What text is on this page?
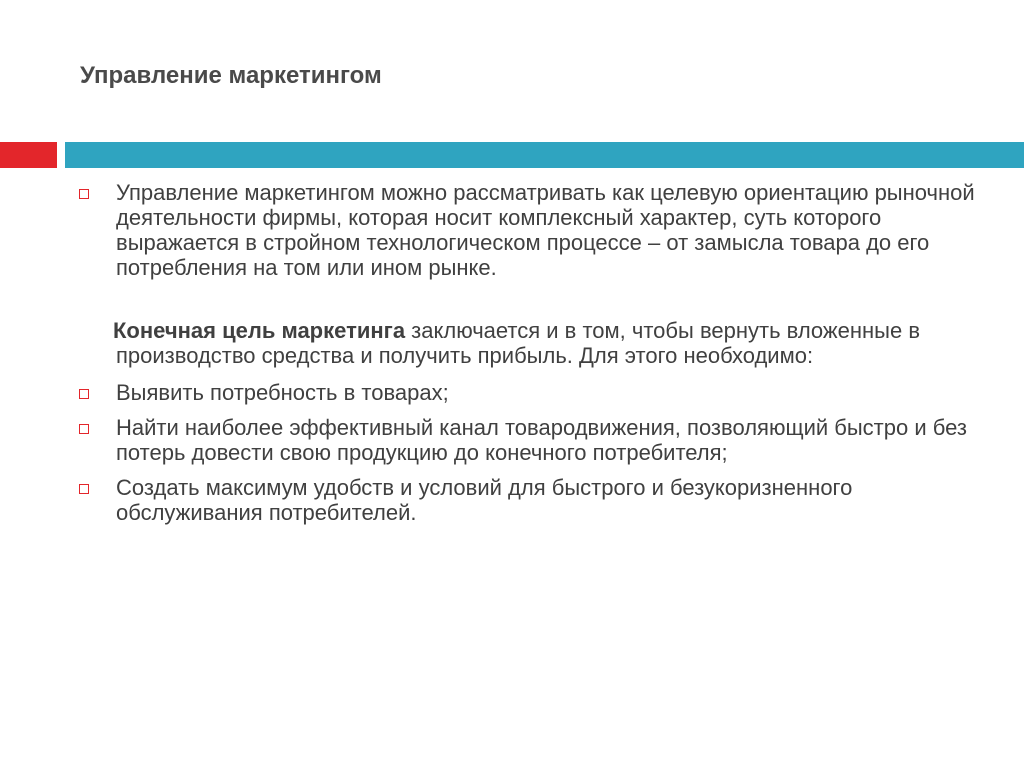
Управление маркетингом
Управление маркетингом можно рассматривать как целевую ориентацию рыночной деятельности фирмы, которая носит комплексный характер, суть которого выражается в стройном технологическом процессе – от замысла товара до его потребления на том или ином рынке.
Конечная цель маркетинга заключается и в том, чтобы вернуть вложенные в производство средства и получить прибыль. Для этого необходимо:
Выявить потребность в товарах;
Найти наиболее эффективный канал товародвижения, позволяющий быстро и без потерь довести свою продукцию до конечного потребителя;
Создать максимум удобств и условий для быстрого и безукоризненного обслуживания потребителей.
